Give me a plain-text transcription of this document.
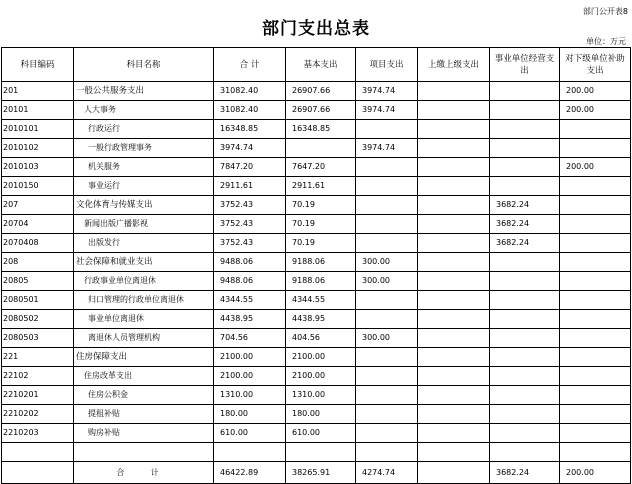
部门公开表8
部门支出总表
单位：万元
科目编码	科目名称	合 计	基本支出	项目支出	上缴上级支出	事业单位经营支出	对下级单位补助支出
201	一般公共服务支出	31082.40	26907.66	3974.74			200.00
20101	人大事务	31082.40	26907.66	3974.74			200.00
2010101	行政运行	16348.85	16348.85				
2010102	一般行政管理事务	3974.74		3974.74			
2010103	机关服务	7847.20	7647.20				200.00
2010150	事业运行	2911.61	2911.61				
207	文化体育与传媒支出	3752.43	70.19			3682.24	
20704	新闻出版广播影视	3752.43	70.19			3682.24	
2070408	出版发行	3752.43	70.19			3682.24	
208	社会保障和就业支出	9488.06	9188.06	300.00			
20805	行政事业单位离退休	9488.06	9188.06	300.00			
2080501	归口管理的行政单位离退休	4344.55	4344.55				
2080502	事业单位离退休	4438.95	4438.95				
2080503	离退休人员管理机构	704.56	404.56	300.00			
221	住房保障支出	2100.00	2100.00				
22102	住房改革支出	2100.00	2100.00				
2210201	住房公积金	1310.00	1310.00				
2210202	提租补贴	180.00	180.00				
2210203	购房补贴	610.00	610.00				

	合 计	46422.89	38265.91	4274.74		3682.24	200.00
